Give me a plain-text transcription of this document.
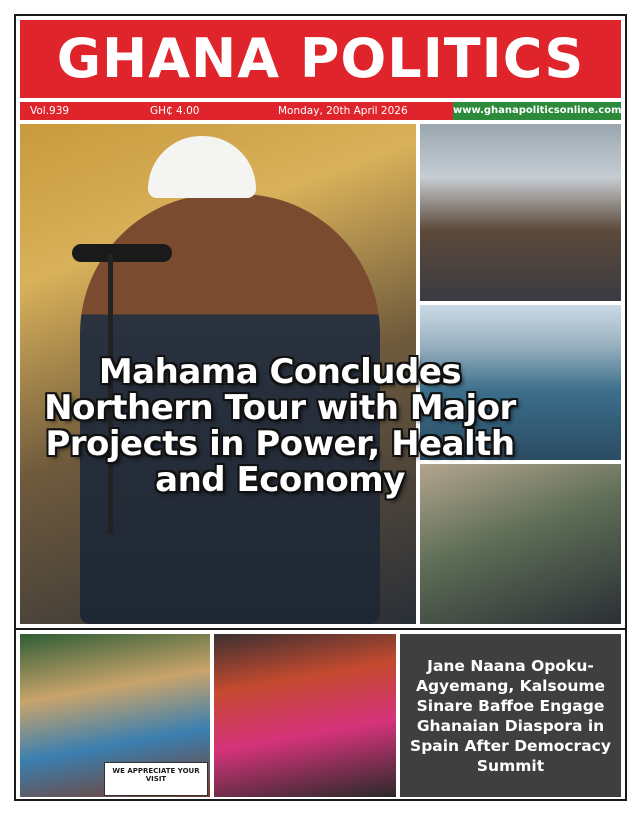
GHANA POLITICS
Vol.939	GH₵ 4.00	Monday, 20th April 2026	www.ghanapoliticsonline.com
Mahama Concludes Northern Tour with Major Projects in Power, Health and Economy
WE APPRECIATE YOUR VISIT
Jane Naana Opoku-Agyemang, Kalsoume Sinare Baffoe Engage Ghanaian Diaspora in Spain After Democracy Summit
